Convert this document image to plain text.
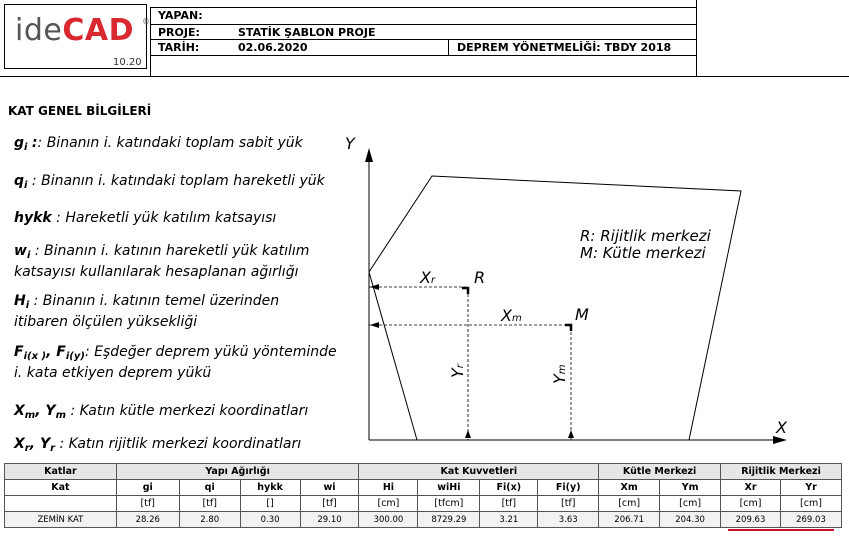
ideCAD ®
10.20
YAPAN:
PROJE:	STATİK ŞABLON PROJE
TARİH:	02.06.2020	DEPREM YÖNETMELİĞİ: TBDY 2018
KAT GENEL BİLGİLERİ
$g_i$ :: Binanın i. katındaki toplam sabit yük
$q_i$ : Binanın i. katındaki toplam hareketli yük
hykk : Hareketli yük katılım katsayısı
$w_i$ : Binanın i. katının hareketli yük katılım
katsayısı kullanılarak hesaplanan ağırlığı
$H_i$ : Binanın i. katının temel üzerinden
itibaren ölçülen yüksekliği
$F_{i(x )}$, $F_{i(y)}$: Eşdeğer deprem yükü yönteminde
i. kata etkiyen deprem yükü
$X_m$, $Y_m$ : Katın kütle merkezi koordinatları
$X_r$, $Y_r$ : Katın rijitlik merkezi koordinatları
Y
X
R: Rijitlik merkezi
M: Kütle merkezi
R
M
Xr
Xm
Yr
Ym
Katlar	Yapı Ağırlığı				Kat Kuvvetleri				Kütle Merkezi		Rijitlik Merkezi	
Kat	gi	qi	hykk	wi	Hi	wiHi	Fi(x)	Fi(y)	Xm	Ym	Xr	Yr
	[tf]	[tf]	[]	[tf]	[cm]	[tfcm]	[tf]	[tf]	[cm]	[cm]	[cm]	[cm]
ZEMİN KAT	28.26	2.80	0.30	29.10	300.00	8729.29	3.21	3.63	206.71	204.30	209.63	269.03
